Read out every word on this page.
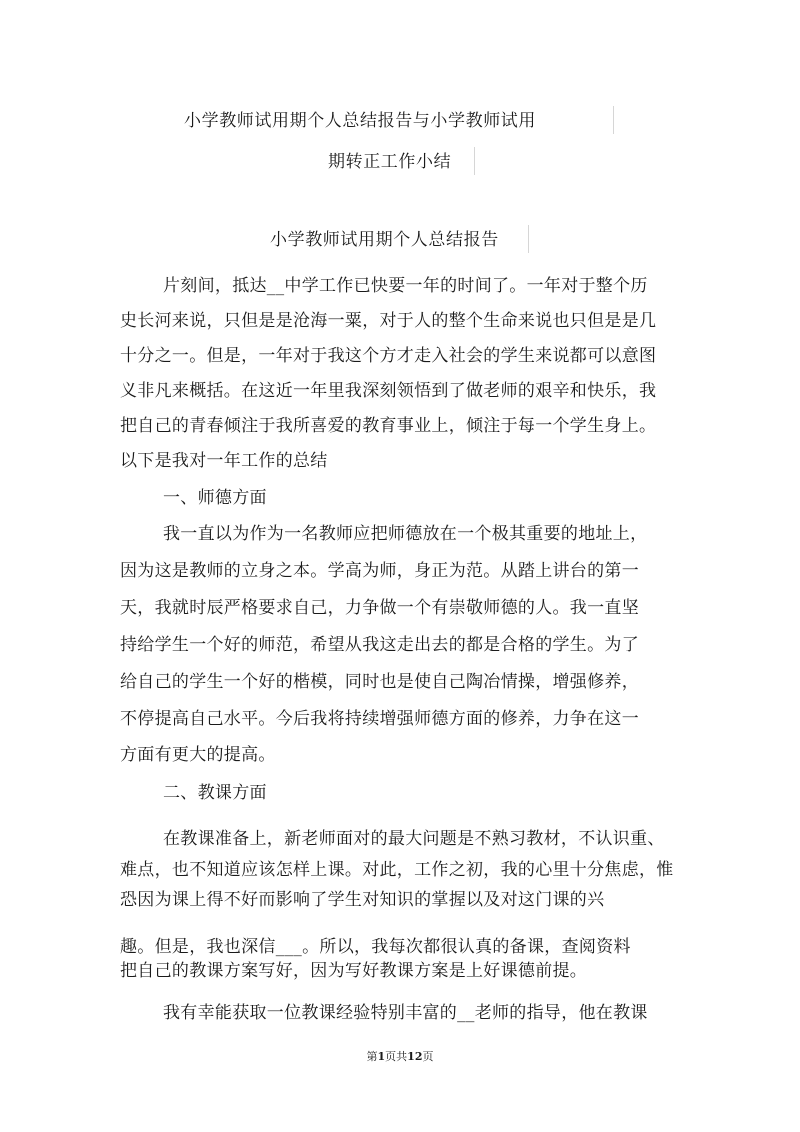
小学教师试用期个人总结报告与小学教师试用
期转正工作小结
小学教师试用期个人总结报告
片刻间，抵达__中学工作已快要一年的时间了。一年对于整个历
史长河来说，只但是是沧海一粟，对于人的整个生命来说也只但是是几
十分之一。但是，一年对于我这个方才走入社会的学生来说都可以意图
义非凡来概括。在这近一年里我深刻领悟到了做老师的艰辛和快乐，我
把自己的青春倾注于我所喜爱的教育事业上，倾注于每一个学生身上。
以下是我对一年工作的总结
一、师德方面
我一直以为作为一名教师应把师德放在一个极其重要的地址上，
因为这是教师的立身之本。学高为师，身正为范。从踏上讲台的第一
天，我就时辰严格要求自己，力争做一个有崇敬师德的人。我一直坚
持给学生一个好的师范，希望从我这走出去的都是合格的学生。为了
给自己的学生一个好的楷模，同时也是使自己陶冶情操，增强修养，
不停提高自己水平。今后我将持续增强师德方面的修养，力争在这一
方面有更大的提高。
二、教课方面
在教课准备上，新老师面对的最大问题是不熟习教材，不认识重、
难点，也不知道应该怎样上课。对此，工作之初，我的心里十分焦虑，惟
恐因为课上得不好而影响了学生对知识的掌握以及对这门课的兴
趣。但是，我也深信___。所以，我每次都很认真的备课，查阅资料
把自己的教课方案写好，因为写好教课方案是上好课德前提。
我有幸能获取一位教课经验特别丰富的__老师的指导，他在教课
第1页共12页
